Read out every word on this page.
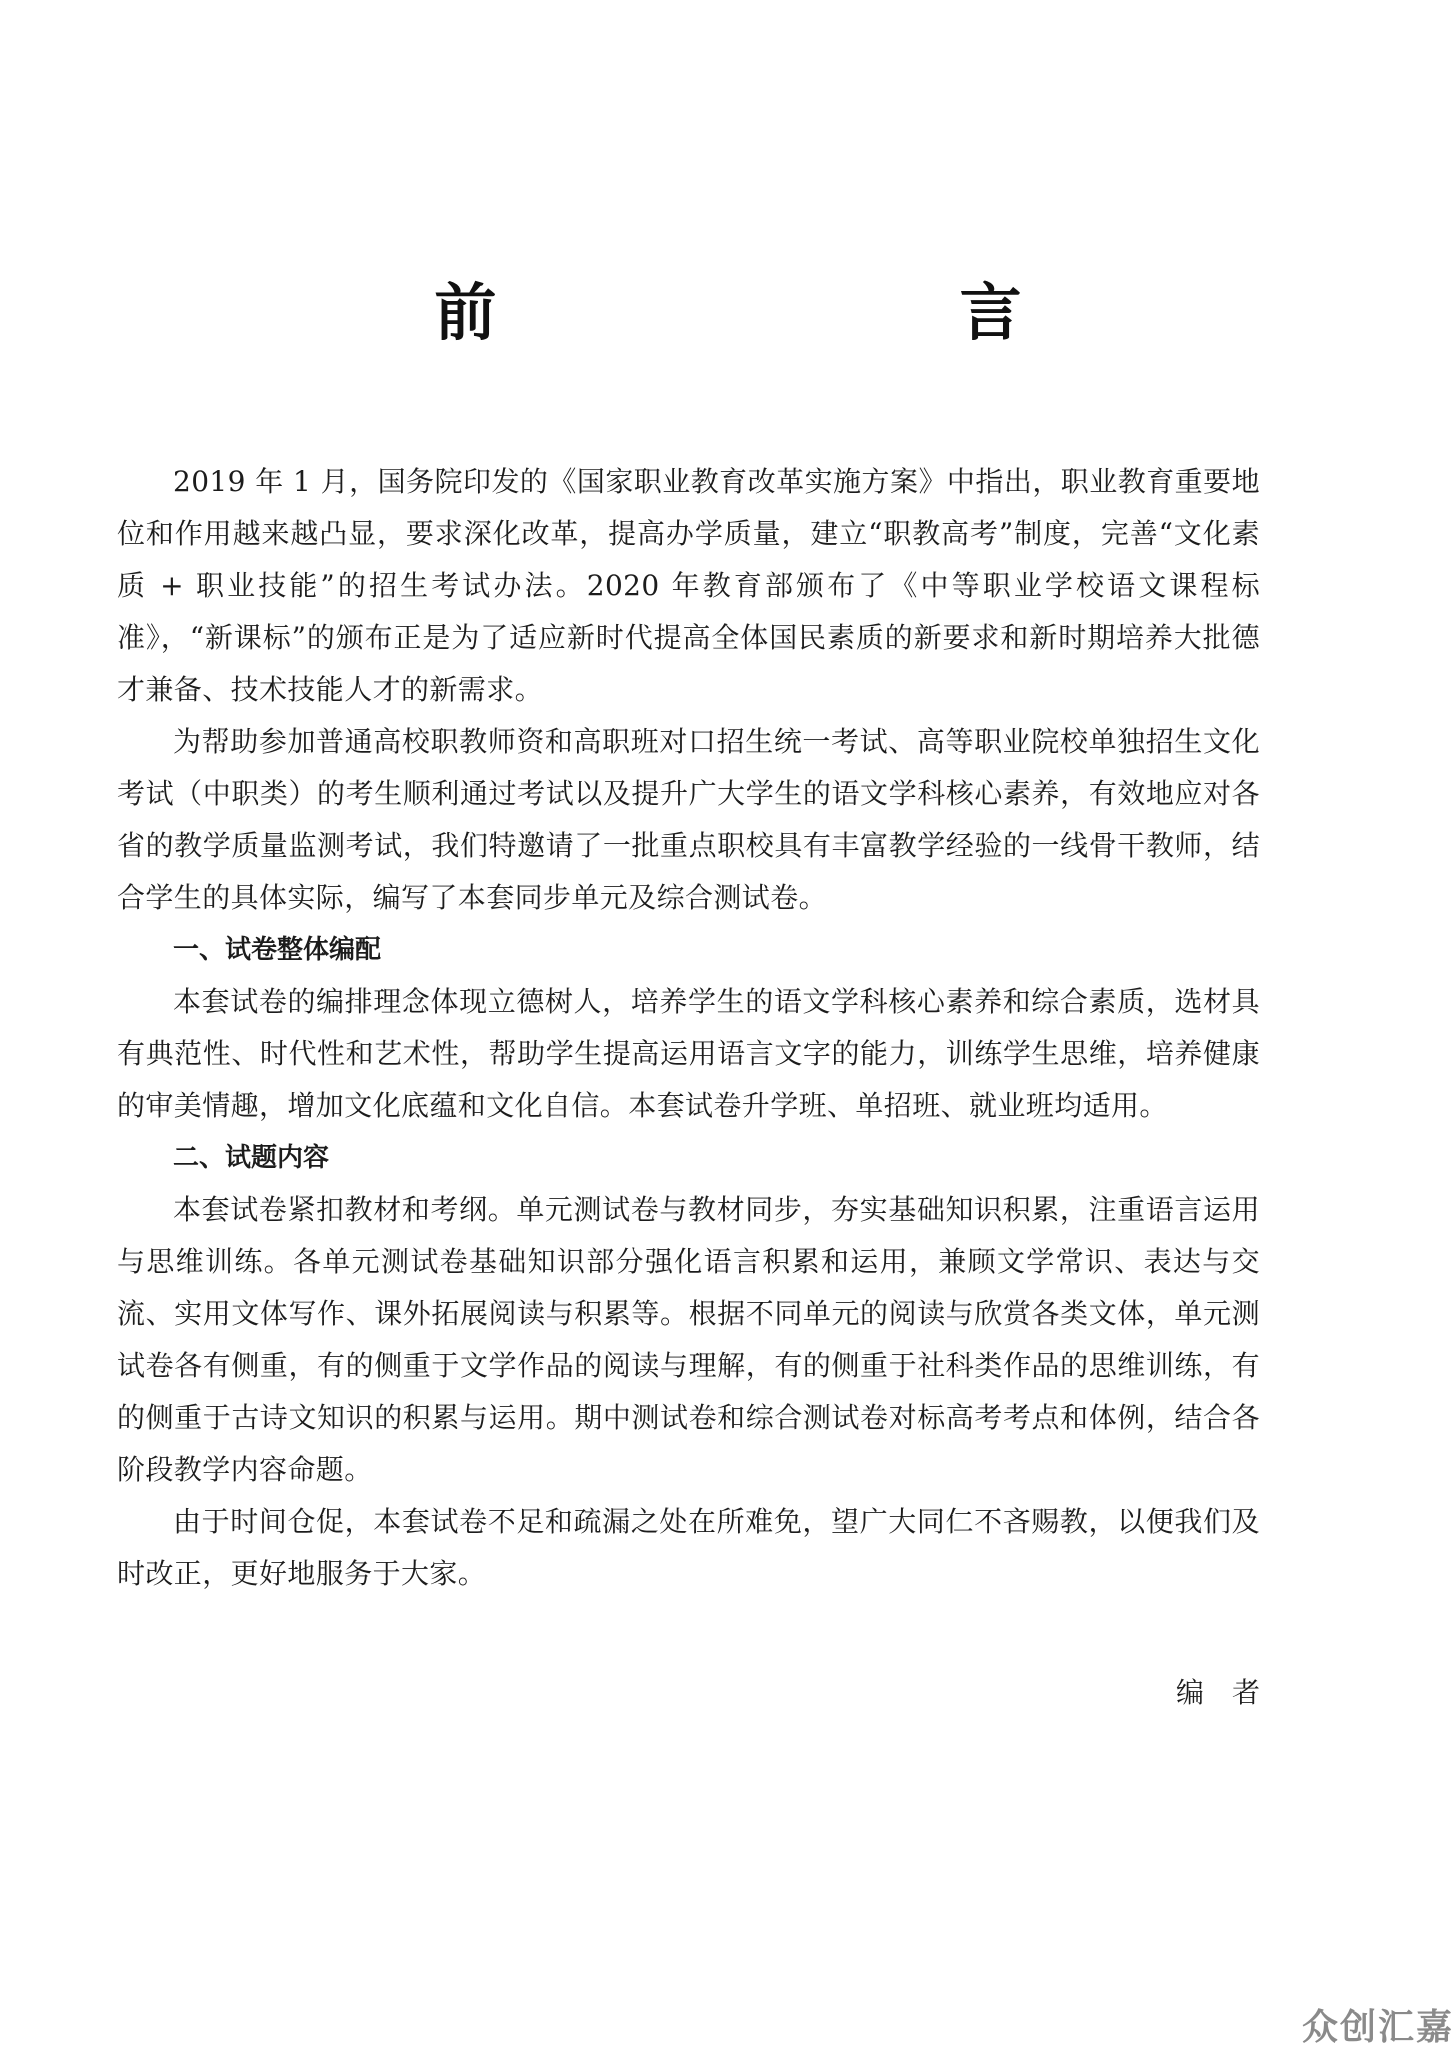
前  言

2019 年 1 月，国务院印发的《国家职业教育改革实施方案》中指出，职业教育重要地位和作用越来越凸显，要求深化改革，提高办学质量，建立“职教高考”制度，完善“文化素质 + 职业技能”的招生考试办法。2020 年教育部颁布了《中等职业学校语文课程标准》，“新课标”的颁布正是为了适应新时代提高全体国民素质的新要求和新时期培养大批德才兼备、技术技能人才的新需求。

为帮助参加普通高校职教师资和高职班对口招生统一考试、高等职业院校单独招生文化考试（中职类）的考生顺利通过考试以及提升广大学生的语文学科核心素养，有效地应对各省的教学质量监测考试，我们特邀请了一批重点职校具有丰富教学经验的一线骨干教师，结合学生的具体实际，编写了本套同步单元及综合测试卷。

一、试卷整体编配

本套试卷的编排理念体现立德树人，培养学生的语文学科核心素养和综合素质，选材具有典范性、时代性和艺术性，帮助学生提高运用语言文字的能力，训练学生思维，培养健康的审美情趣，增加文化底蕴和文化自信。本套试卷升学班、单招班、就业班均适用。

二、试题内容

本套试卷紧扣教材和考纲。单元测试卷与教材同步，夯实基础知识积累，注重语言运用与思维训练。各单元测试卷基础知识部分强化语言积累和运用，兼顾文学常识、表达与交流、实用文体写作、课外拓展阅读与积累等。根据不同单元的阅读与欣赏各类文体，单元测试卷各有侧重，有的侧重于文学作品的阅读与理解，有的侧重于社科类作品的思维训练，有的侧重于古诗文知识的积累与运用。期中测试卷和综合测试卷对标高考考点和体例，结合各阶段教学内容命题。

由于时间仓促，本套试卷不足和疏漏之处在所难免，望广大同仁不吝赐教，以便我们及时改正，更好地服务于大家。

编者
众创汇嘉
